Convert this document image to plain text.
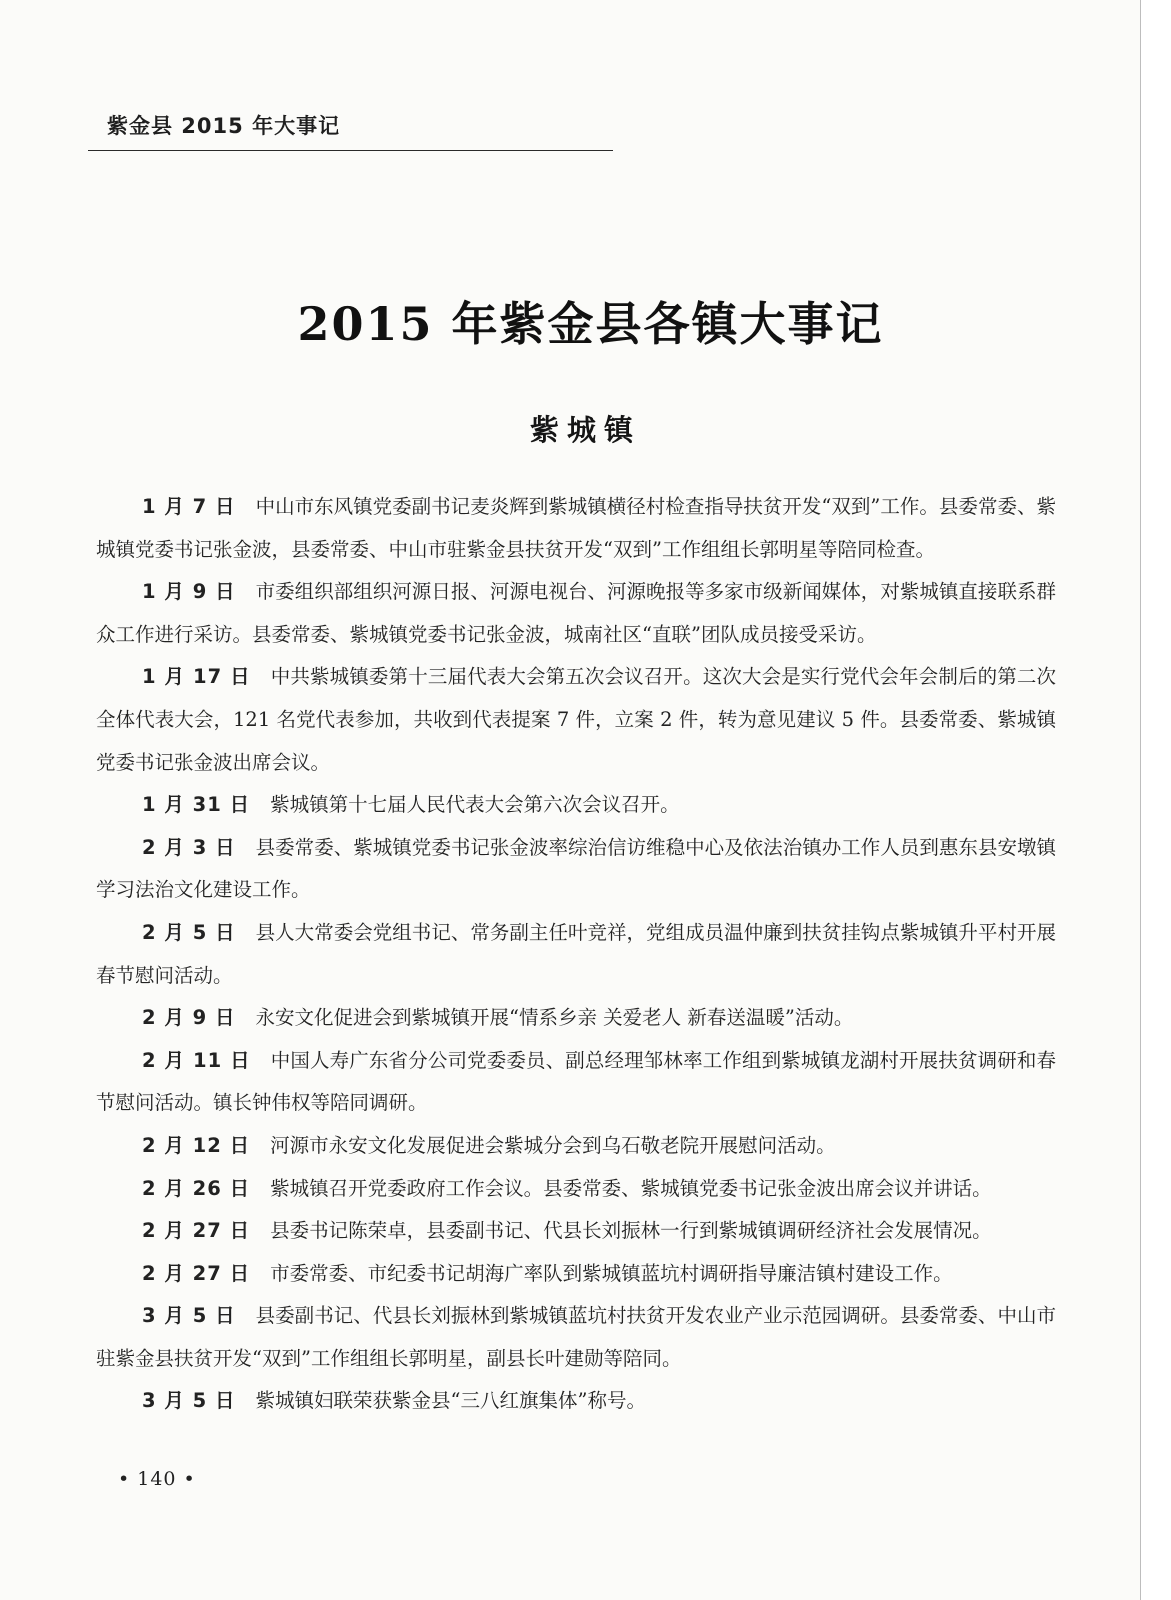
紫金县 2015 年大事记
2015 年紫金县各镇大事记
紫城镇
1 月 7 日 中山市东风镇党委副书记麦炎辉到紫城镇横径村检查指导扶贫开发“双到”工作。县委常委、紫城镇党委书记张金波，县委常委、中山市驻紫金县扶贫开发“双到”工作组组长郭明星等陪同检查。
1 月 9 日 市委组织部组织河源日报、河源电视台、河源晚报等多家市级新闻媒体，对紫城镇直接联系群众工作进行采访。县委常委、紫城镇党委书记张金波，城南社区“直联”团队成员接受采访。
1 月 17 日 中共紫城镇委第十三届代表大会第五次会议召开。这次大会是实行党代会年会制后的第二次全体代表大会，121 名党代表参加，共收到代表提案 7 件，立案 2 件，转为意见建议 5 件。县委常委、紫城镇党委书记张金波出席会议。
1 月 31 日 紫城镇第十七届人民代表大会第六次会议召开。
2 月 3 日 县委常委、紫城镇党委书记张金波率综治信访维稳中心及依法治镇办工作人员到惠东县安墩镇学习法治文化建设工作。
2 月 5 日 县人大常委会党组书记、常务副主任叶竞祥，党组成员温仲廉到扶贫挂钩点紫城镇升平村开展春节慰问活动。
2 月 9 日 永安文化促进会到紫城镇开展“情系乡亲 关爱老人 新春送温暖”活动。
2 月 11 日 中国人寿广东省分公司党委委员、副总经理邹林率工作组到紫城镇龙湖村开展扶贫调研和春节慰问活动。镇长钟伟权等陪同调研。
2 月 12 日 河源市永安文化发展促进会紫城分会到乌石敬老院开展慰问活动。
2 月 26 日 紫城镇召开党委政府工作会议。县委常委、紫城镇党委书记张金波出席会议并讲话。
2 月 27 日 县委书记陈荣卓，县委副书记、代县长刘振林一行到紫城镇调研经济社会发展情况。
2 月 27 日 市委常委、市纪委书记胡海广率队到紫城镇蓝坑村调研指导廉洁镇村建设工作。
3 月 5 日 县委副书记、代县长刘振林到紫城镇蓝坑村扶贫开发农业产业示范园调研。县委常委、中山市驻紫金县扶贫开发“双到”工作组组长郭明星，副县长叶建勋等陪同。
3 月 5 日 紫城镇妇联荣获紫金县“三八红旗集体”称号。
• 140 •
